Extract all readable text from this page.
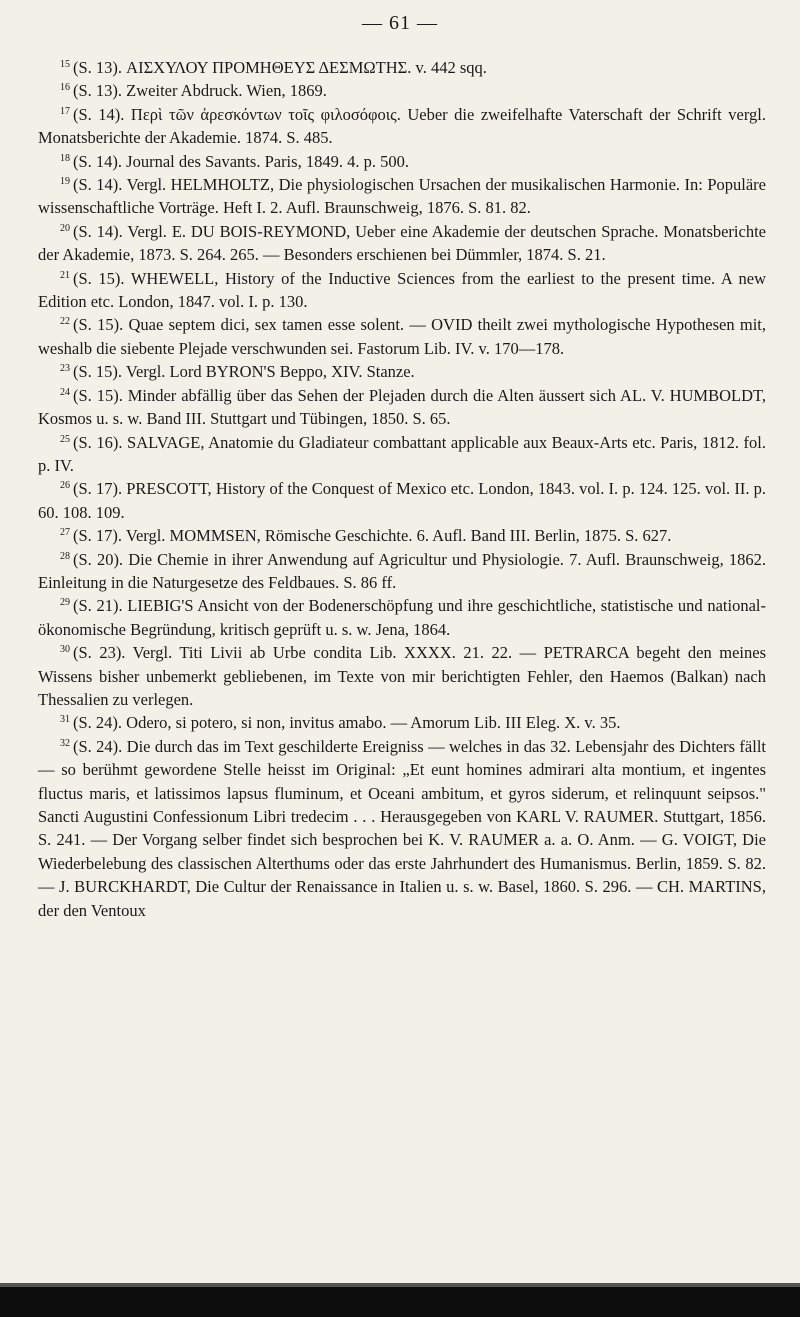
— 61 —

$^{15}$ (S. 13). ΑΙΣΧΥΛΟΥ ΠΡΟΜΗΘΕΥΣ ΔΕΣΜΩΤΗΣ. v. 442 sqq.

$^{16}$ (S. 13). Zweiter Abdruck. Wien, 1869.

$^{17}$ (S. 14). Περὶ τῶν ἀρεσκόντων τοῖς φιλοσόφοις. Ueber die zweifelhafte Vaterschaft der Schrift vergl. Monatsberichte der Akademie. 1874. S. 485.

$^{18}$ (S. 14). Journal des Savants. Paris, 1849. 4. p. 500.

$^{19}$ (S. 14). Vergl. HELMHOLTZ, Die physiologischen Ursachen der musikalischen Harmonie. In: Populäre wissenschaftliche Vorträge. Heft I. 2. Aufl. Braunschweig, 1876. S. 81. 82.

$^{20}$ (S. 14). Vergl. E. DU BOIS-REYMOND, Ueber eine Akademie der deutschen Sprache. Monatsberichte der Akademie, 1873. S. 264. 265. — Besonders erschienen bei Dümmler, 1874. S. 21.

$^{21}$ (S. 15). WHEWELL, History of the Inductive Sciences from the earliest to the present time. A new Edition etc. London, 1847. vol. I. p. 130.

$^{22}$ (S. 15). Quae septem dici, sex tamen esse solent. — OVID theilt zwei mythologische Hypothesen mit, weshalb die siebente Plejade verschwunden sei. Fastorum Lib. IV. v. 170—178.

$^{23}$ (S. 15). Vergl. Lord BYRON'S Beppo, XIV. Stanze.

$^{24}$ (S. 15). Minder abfällig über das Sehen der Plejaden durch die Alten äussert sich AL. V. HUMBOLDT, Kosmos u. s. w. Band III. Stuttgart und Tübingen, 1850. S. 65.

$^{25}$ (S. 16). SALVAGE, Anatomie du Gladiateur combattant applicable aux Beaux-Arts etc. Paris, 1812. fol. p. IV.

$^{26}$ (S. 17). PRESCOTT, History of the Conquest of Mexico etc. London, 1843. vol. I. p. 124. 125. vol. II. p. 60. 108. 109.

$^{27}$ (S. 17). Vergl. MOMMSEN, Römische Geschichte. 6. Aufl. Band III. Berlin, 1875. S. 627.

$^{28}$ (S. 20). Die Chemie in ihrer Anwendung auf Agricultur und Physiologie. 7. Aufl. Braunschweig, 1862. Einleitung in die Naturgesetze des Feldbaues. S. 86 ff.

$^{29}$ (S. 21). LIEBIG'S Ansicht von der Bodenerschöpfung und ihre geschichtliche, statistische und national-ökonomische Begründung, kritisch geprüft u. s. w. Jena, 1864.

$^{30}$ (S. 23). Vergl. Titi Livii ab Urbe condita Lib. XXXX. 21. 22. — PETRARCA begeht den meines Wissens bisher unbemerkt gebliebenen, im Texte von mir berichtigten Fehler, den Haemos (Balkan) nach Thessalien zu verlegen.

$^{31}$ (S. 24). Odero, si potero, si non, invitus amabo. — Amorum Lib. III Eleg. X. v. 35.

$^{32}$ (S. 24). Die durch das im Text geschilderte Ereigniss — welches in das 32. Lebensjahr des Dichters fällt — so berühmt gewordene Stelle heisst im Original: „Et eunt homines admirari alta montium, et ingentes fluctus maris, et latissimos lapsus fluminum, et Oceani ambitum, et gyros siderum, et relinquunt seipsos." Sancti Augustini Confessionum Libri tredecim . . . Herausgegeben von KARL V. RAUMER. Stuttgart, 1856. S. 241. — Der Vorgang selber findet sich besprochen bei K. V. RAUMER a. a. O. Anm. — G. VOIGT, Die Wiederbelebung des classischen Alterthums oder das erste Jahrhundert des Humanismus. Berlin, 1859. S. 82. — J. BURCKHARDT, Die Cultur der Renaissance in Italien u. s. w. Basel, 1860. S. 296. — CH. MARTINS, der den Ventoux
